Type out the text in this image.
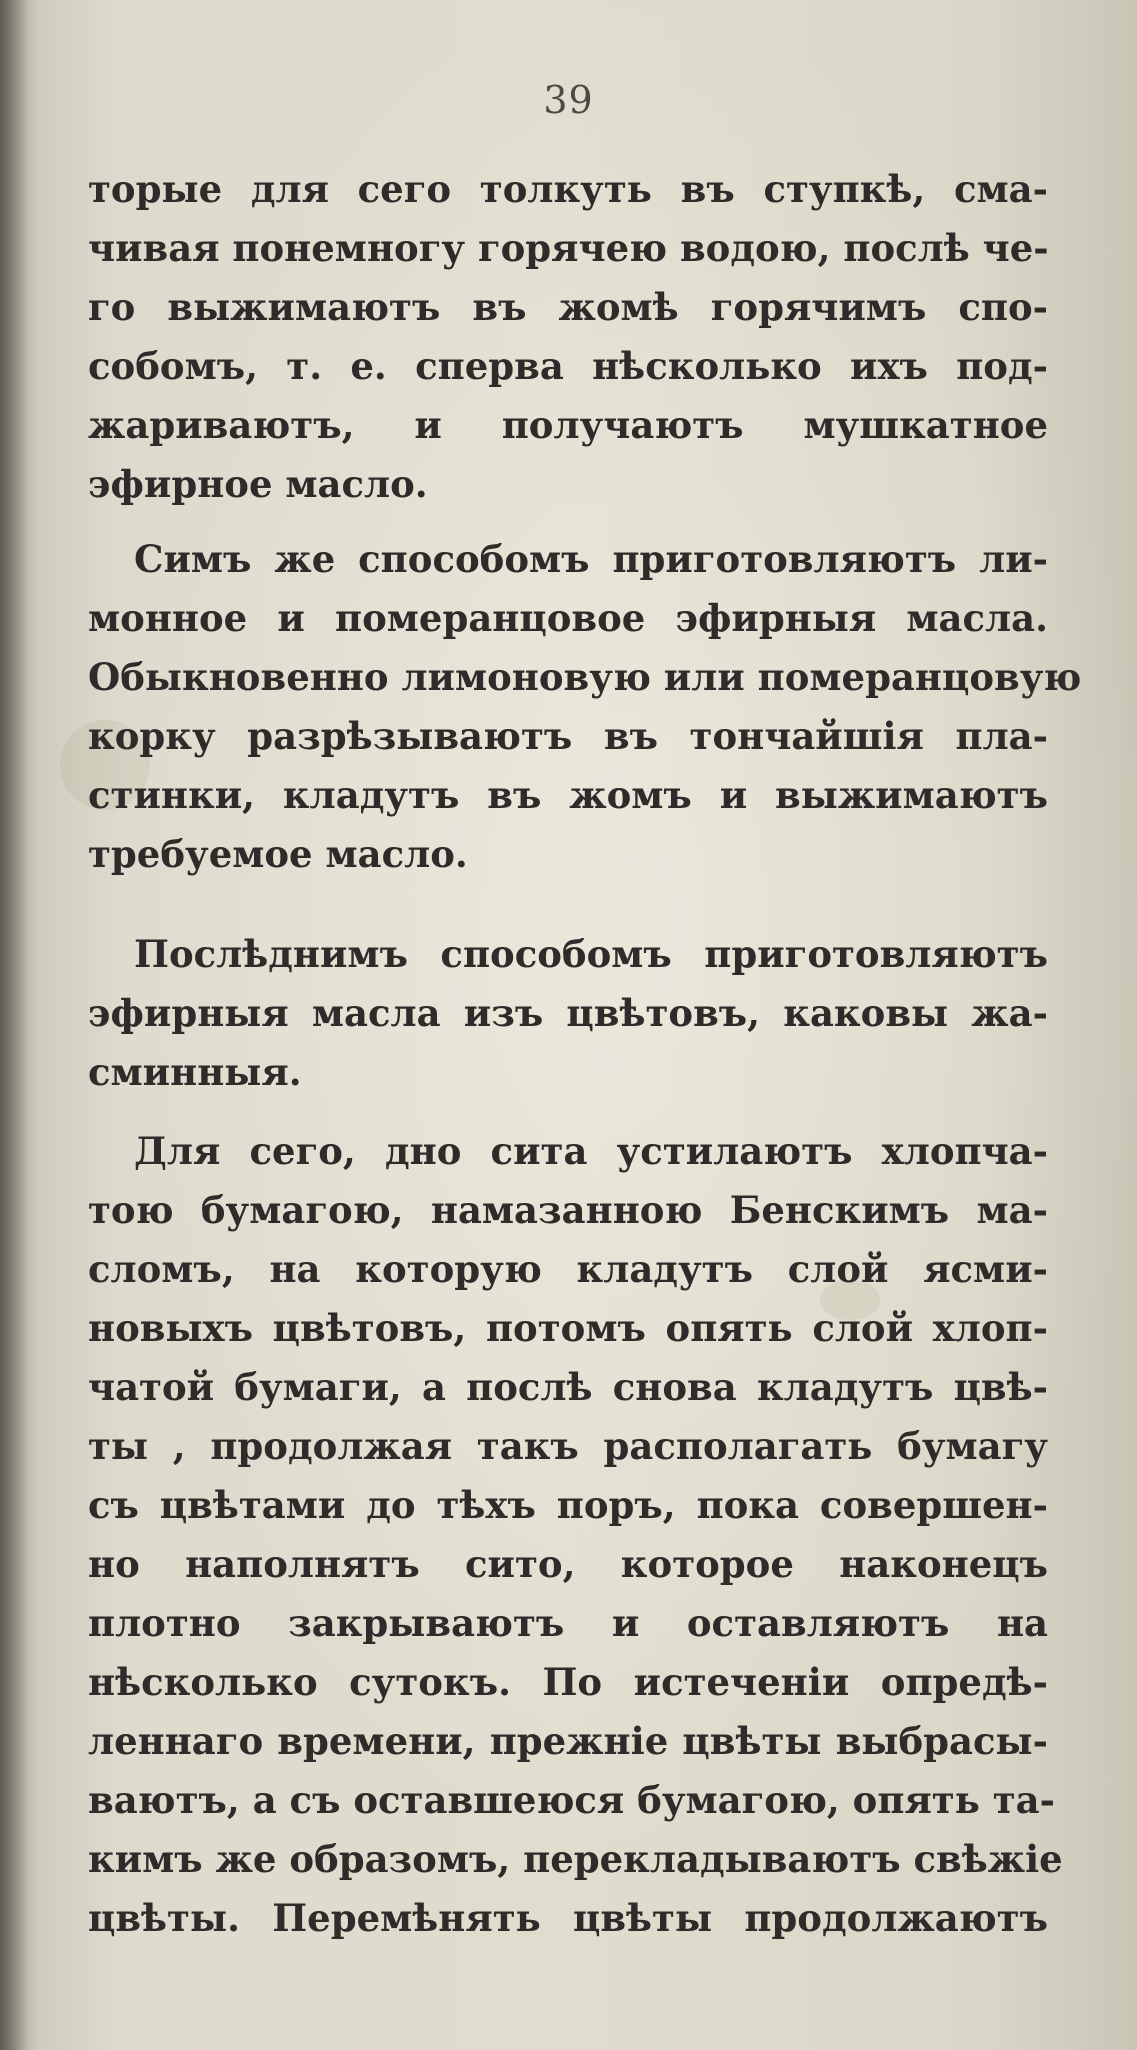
39
торые для сего толкуть въ ступкѣ, сма-
чивая понемногу горячею водою, послѣ че-
го выжимаютъ въ жомѣ горячимъ спо-
собомъ, т. е. сперва нѣсколько ихъ под-
жариваютъ, и получаютъ мушкатное
эфирное масло.
Симъ же способомъ приготовляютъ ли-
монное и померанцовое эфирныя масла.
Обыкновенно лимоновую или померанцовую
корку разрѣзываютъ въ тончайшія пла-
стинки, кладутъ въ жомъ и выжимаютъ
требуемое масло.
Послѣднимъ способомъ приготовляютъ
эфирныя масла изъ цвѣтовъ, каковы жа-
сминныя.
Для сего, дно сита устилаютъ хлопча-
тою бумагою, намазанною Бенскимъ ма-
сломъ, на которую кладутъ слой ясми-
новыхъ цвѣтовъ, потомъ опять слой хлоп-
чатой бумаги, а послѣ снова кладутъ цвѣ-
ты , продолжая такъ располагать бумагу
съ цвѣтами до тѣхъ поръ, пока совершен-
но наполнятъ сито, которое наконецъ
плотно закрываютъ и оставляютъ на
нѣсколько сутокъ. По истеченіи опредѣ-
леннаго времени, прежніе цвѣты выбрасы-
ваютъ, а съ оставшеюся бумагою, опять та-
кимъ же образомъ, перекладываютъ свѣжіе
цвѣты. Перемѣнять цвѣты продолжаютъ
